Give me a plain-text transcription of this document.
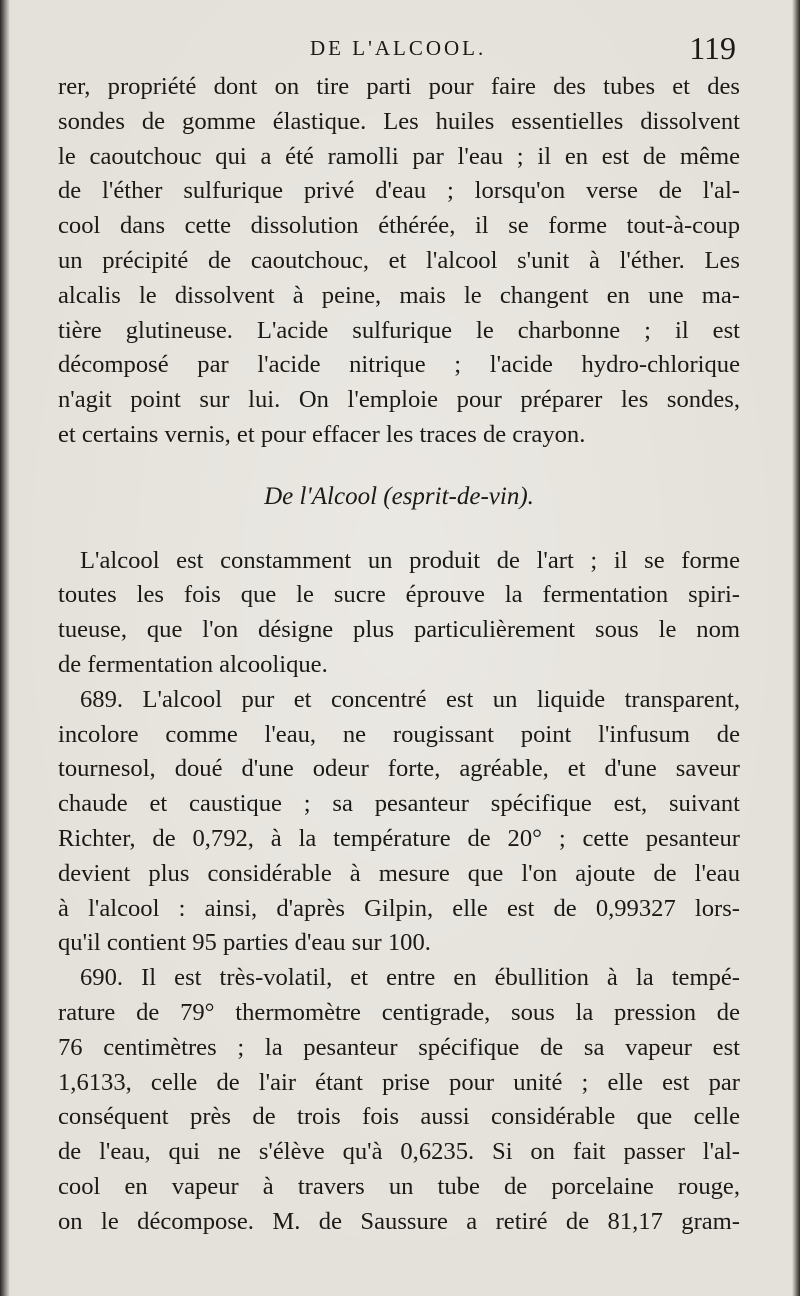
DE L'ALCOOL.	119
rer, propriété dont on tire parti pour faire des tubes et des
sondes de gomme élastique. Les huiles essentielles dissolvent
le caoutchouc qui a été ramolli par l'eau ; il en est de même
de l'éther sulfurique privé d'eau ; lorsqu'on verse de l'al-
cool dans cette dissolution éthérée, il se forme tout-à-coup
un précipité de caoutchouc, et l'alcool s'unit à l'éther. Les
alcalis le dissolvent à peine, mais le changent en une ma-
tière glutineuse. L'acide sulfurique le charbonne ; il est
décomposé par l'acide nitrique ; l'acide hydro-chlorique
n'agit point sur lui. On l'emploie pour préparer les sondes,
et certains vernis, et pour effacer les traces de crayon.
De l'Alcool (esprit-de-vin).
L'alcool est constamment un produit de l'art ; il se forme
toutes les fois que le sucre éprouve la fermentation spiri-
tueuse, que l'on désigne plus particulièrement sous le nom
de fermentation alcoolique.
689. L'alcool pur et concentré est un liquide transparent,
incolore comme l'eau, ne rougissant point l'infusum de
tournesol, doué d'une odeur forte, agréable, et d'une saveur
chaude et caustique ; sa pesanteur spécifique est, suivant
Richter, de 0,792, à la température de 20° ; cette pesanteur
devient plus considérable à mesure que l'on ajoute de l'eau
à l'alcool : ainsi, d'après Gilpin, elle est de 0,99327 lors-
qu'il contient 95 parties d'eau sur 100.
690. Il est très-volatil, et entre en ébullition à la tempé-
rature de 79° thermomètre centigrade, sous la pression de
76 centimètres ; la pesanteur spécifique de sa vapeur est
1,6133, celle de l'air étant prise pour unité ; elle est par
conséquent près de trois fois aussi considérable que celle
de l'eau, qui ne s'élève qu'à 0,6235. Si on fait passer l'al-
cool en vapeur à travers un tube de porcelaine rouge,
on le décompose. M. de Saussure a retiré de 81,17 gram-
